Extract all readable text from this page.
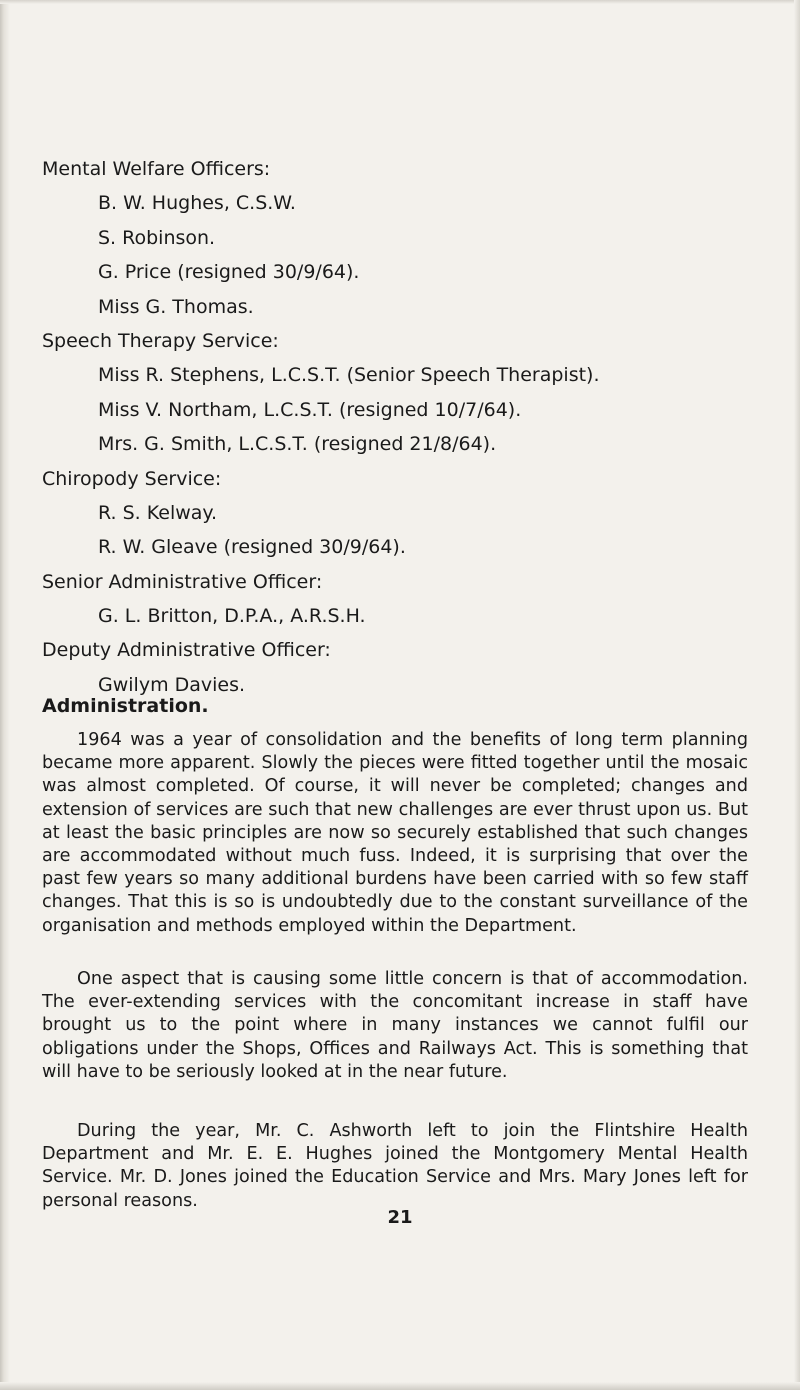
Mental Welfare Officers:
B. W. Hughes, C.S.W.
S. Robinson.
G. Price (resigned 30/9/64).
Miss G. Thomas.
Speech Therapy Service:
Miss R. Stephens, L.C.S.T. (Senior Speech Therapist).
Miss V. Northam, L.C.S.T. (resigned 10/7/64).
Mrs. G. Smith, L.C.S.T. (resigned 21/8/64).
Chiropody Service:
R. S. Kelway.
R. W. Gleave (resigned 30/9/64).
Senior Administrative Officer:
G. L. Britton, D.P.A., A.R.S.H.
Deputy Administrative Officer:
Gwilym Davies.
Administration.

1964 was a year of consolidation and the benefits of long term planning became more apparent. Slowly the pieces were fitted together until the mosaic was almost completed. Of course, it will never be completed; changes and extension of services are such that new challenges are ever thrust upon us. But at least the basic principles are now so securely established that such changes are accommodated without much fuss. Indeed, it is surprising that over the past few years so many additional burdens have been carried with so few staff changes. That this is so is undoubtedly due to the constant surveillance of the organisation and methods employed within the Department.

One aspect that is causing some little concern is that of accommodation. The ever-extending services with the concomitant increase in staff have brought us to the point where in many instances we cannot fulfil our obligations under the Shops, Offices and Railways Act. This is something that will have to be seriously looked at in the near future.

During the year, Mr. C. Ashworth left to join the Flintshire Health Department and Mr. E. E. Hughes joined the Montgomery Mental Health Service. Mr. D. Jones joined the Education Service and Mrs. Mary Jones left for personal reasons.

21
